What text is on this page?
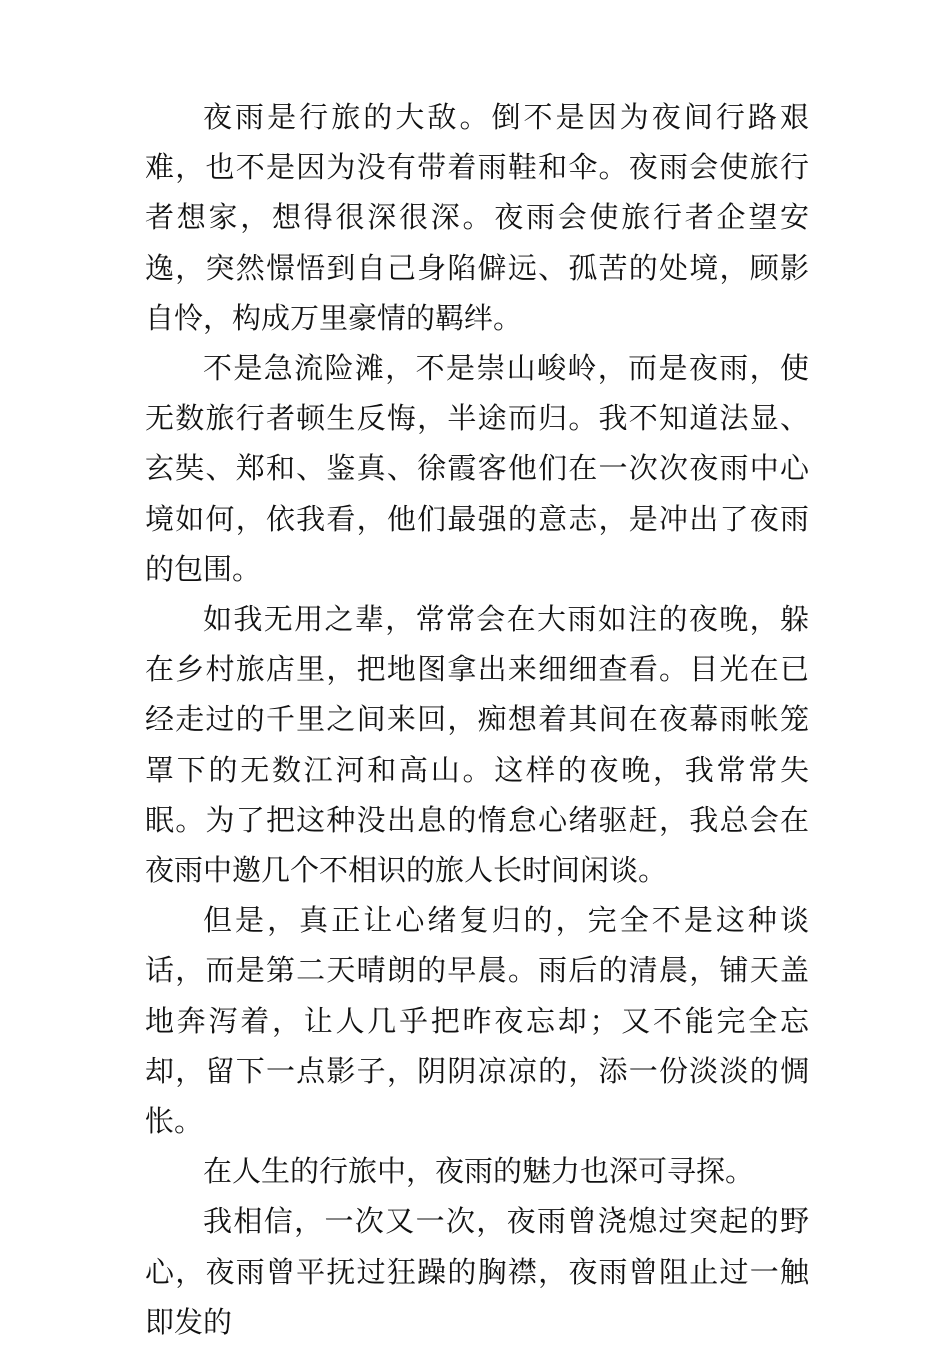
夜雨是行旅的大敌。倒不是因为夜间行路艰难，也不是因为没有带着雨鞋和伞。夜雨会使旅行者想家，想得很深很深。夜雨会使旅行者企望安逸，突然憬悟到自己身陷僻远、孤苦的处境，顾影自怜，构成万里豪情的羁绊。

不是急流险滩，不是崇山峻岭，而是夜雨，使无数旅行者顿生反悔，半途而归。我不知道法显、玄奘、郑和、鉴真、徐霞客他们在一次次夜雨中心境如何，依我看，他们最强的意志，是冲出了夜雨的包围。

如我无用之辈，常常会在大雨如注的夜晚，躲在乡村旅店里，把地图拿出来细细查看。目光在已经走过的千里之间来回，痴想着其间在夜幕雨帐笼罩下的无数江河和高山。这样的夜晚，我常常失眠。为了把这种没出息的惰怠心绪驱赶，我总会在夜雨中邀几个不相识的旅人长时间闲谈。

但是，真正让心绪复归的，完全不是这种谈话，而是第二天晴朗的早晨。雨后的清晨，铺天盖地奔泻着，让人几乎把昨夜忘却；又不能完全忘却，留下一点影子，阴阴凉凉的，添一份淡淡的惆怅。

在人生的行旅中，夜雨的魅力也深可寻探。

我相信，一次又一次，夜雨曾浇熄过突起的野心，夜雨曾平抚过狂躁的胸襟，夜雨曾阻止过一触即发的
